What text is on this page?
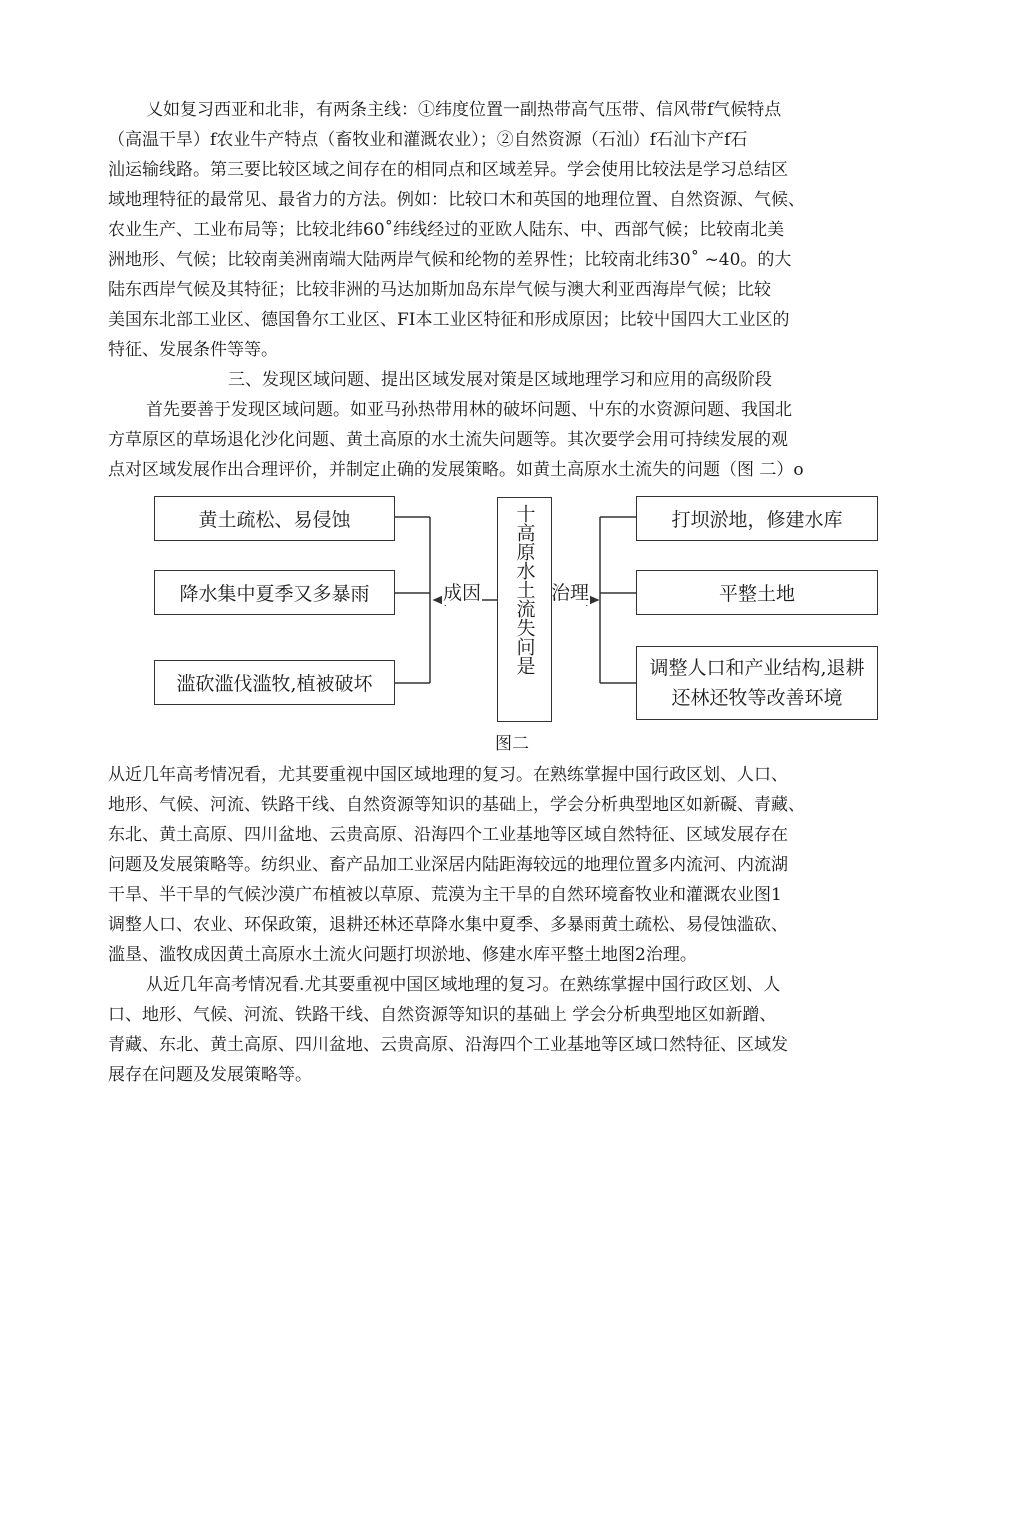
乂如复习西亚和北非，有两条主线：①纬度位置一副热带高气压带、信风带f气候特点
（高温干旱）f农业牛产特点（畜牧业和灌溉农业）；②自然资源（石汕）f石汕卞产f石
汕运输线路。第三要比较区域之间存在的相同点和区域差异。学会使用比较法是学习总结区
域地理特征的最常见、最省力的方法。例如：比较口木和英国的地理位置、自然资源、气候、
农业生产、工业布局等；比较北纬60˚纬线经过的亚欧人陆东、中、西部气候；比较南北美
洲地形、气候；比较南美洲南端大陆两岸气候和纶物的差界性；比较南北纬30˚ ~40。的大
陆东西岸气候及其特征；比较非洲的马达加斯加岛东岸气候与澳大利亚西海岸气候；比较
美国东北部工业区、德国鲁尔工业区、FI本工业区特征和形成原因；比较屮国四大工业区的
特征、发展条件等等。
三、发现区域问题、提出区域发展对策是区域地理学习和应用的高级阶段
首先要善于发现区域问题。如亚马孙热带用林的破坏问题、屮东的水资源问题、我国北
方草原区的草场退化沙化问题、黄土高原的水土流失问题等。其次要学会用可持续发展的观
点对区域发展作出合理评价，并制定止确的发展策略。如黄土高原水土流失的问题（图 二）o
黄土疏松、易侵蚀
降水集中夏季又多暴雨
滥砍滥伐滥牧,植被破坏
成因	治理
十高原水土流失问是	打坝淤地，修建水库
平整土地
调整人口和产业结构,退耕还林还牧等改善环境
图二
从近几年高考情况看，尤其要重视中国区域地理的复习。在熟练掌握中国行政区划、人口、
地形、气候、河流、铁路干线、自然资源等知识的基础上，学会分析典型地区如新礙、青藏、
东北、黄土高原、四川盆地、云贵高原、沿海四个工业基地等区域自然特征、区域发展存在
问题及发展策略等。纺织业、畜产品加工业深居内陆距海较远的地理位置多内流河、内流湖
干旱、半干旱的气候沙漠广布植被以草原、荒漠为主干旱的自然环境畜牧业和灌溉农业图1
调整人口、农业、环保政策，退耕还林还草降水集中夏季、多暴雨黄土疏松、易侵蚀滥砍、
滥垦、滥牧成因黄土高原水土流火问题打坝淤地、修建水库平整土地图2治理。
从近几年高考情况看.尤其要重视中国区域地理的复习。在熟练掌握中国行政区划、人
口、地形、气候、河流、铁路干线、自然资源等知识的基础上 学会分析典型地区如新蹭、
青藏、东北、黄土高原、四川盆地、云贵高原、沿海四个工业基地等区域口然特征、区域发
展存在问题及发展策略等。
